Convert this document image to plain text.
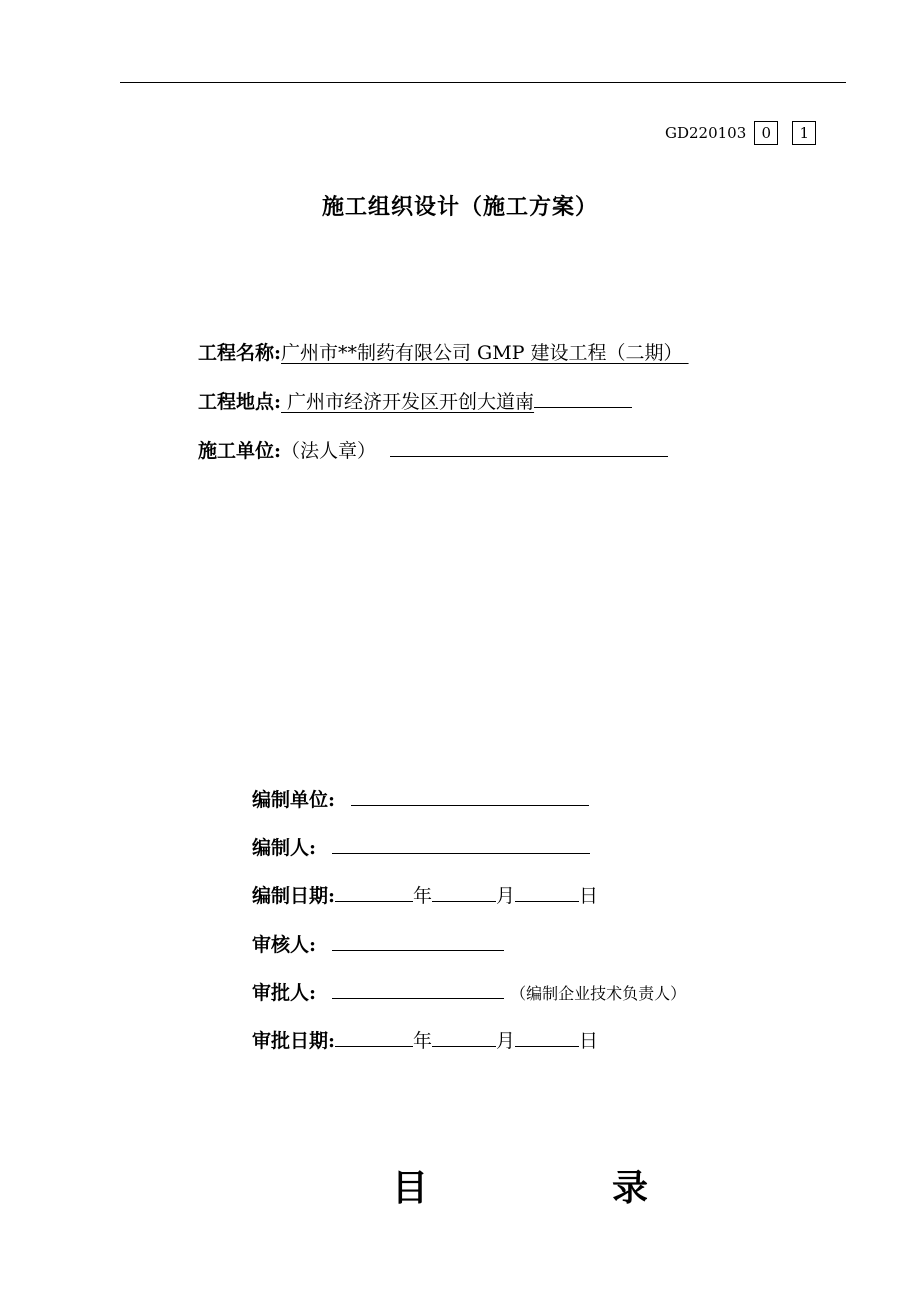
GD220103	0	1
施工组织设计（施工方案）
工程名称:广州市**制药有限公司 GMP 建设工程（二期）
工程地点: 广州市经济开发区开创大道南
施工单位:（法人章）
编制单位:
编制人:
编制日期:	年	月	日
审核人:
审批人:	（编制企业技术负责人）
审批日期:	年	月	日
目	录
